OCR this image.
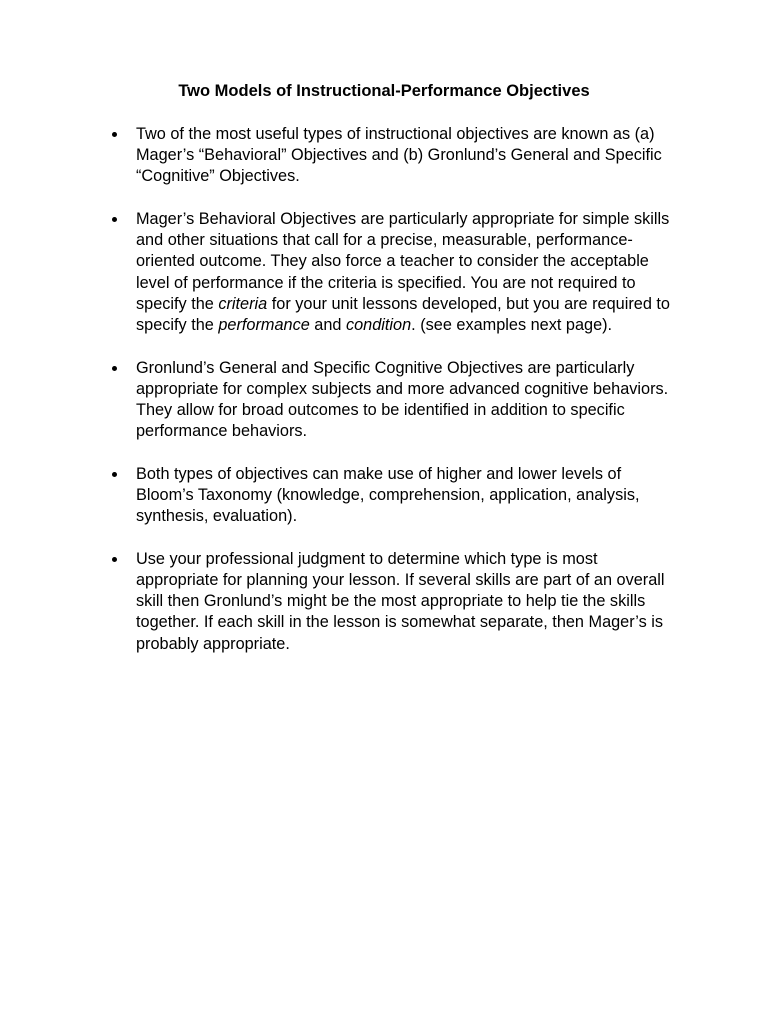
Two Models of Instructional-Performance Objectives
Two of the most useful types of instructional objectives are known as (a) Mager’s “Behavioral” Objectives and (b) Gronlund’s General and Specific “Cognitive” Objectives.
Mager’s Behavioral Objectives are particularly appropriate for simple skills and other situations that call for a precise, measurable, performance-oriented outcome. They also force a teacher to consider the acceptable level of performance if the criteria is specified. You are not required to specify the criteria for your unit lessons developed, but you are required to specify the performance and condition. (see examples next page).
Gronlund’s General and Specific Cognitive Objectives are particularly appropriate for complex subjects and more advanced cognitive behaviors. They allow for broad outcomes to be identified in addition to specific performance behaviors.
Both types of objectives can make use of higher and lower levels of Bloom’s Taxonomy (knowledge, comprehension, application, analysis, synthesis, evaluation).
Use your professional judgment to determine which type is most appropriate for planning your lesson. If several skills are part of an overall skill then Gronlund’s might be the most appropriate to help tie the skills together. If each skill in the lesson is somewhat separate, then Mager’s is probably appropriate.
